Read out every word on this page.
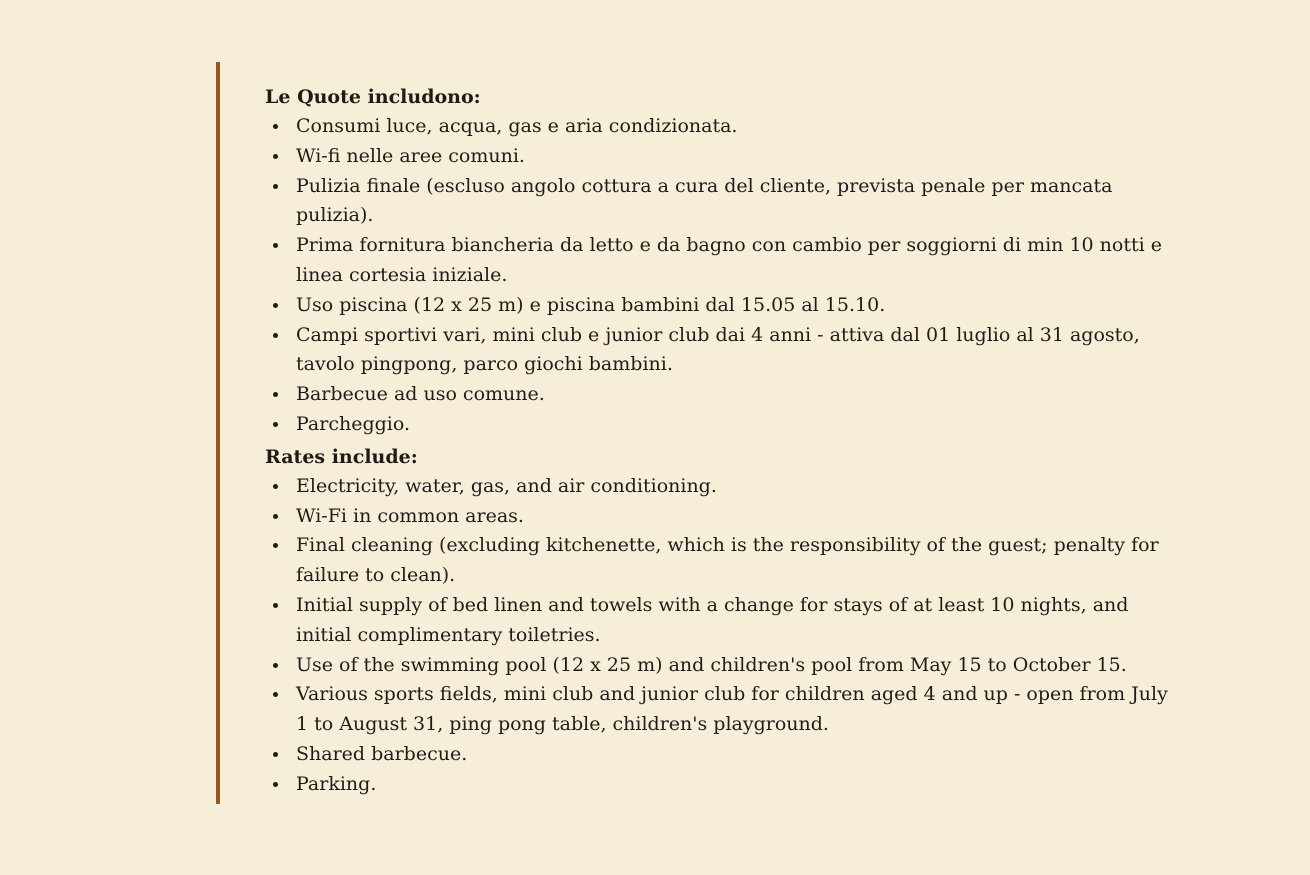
Le Quote includono:

Consumi luce, acqua, gas e aria condizionata.
Wi-fi nelle aree comuni.
Pulizia finale (escluso angolo cottura a cura del cliente, prevista penale per mancata pulizia).
Prima fornitura biancheria da letto e da bagno con cambio per soggiorni di min 10 notti e linea cortesia iniziale.
Uso piscina (12 x 25 m) e piscina bambini dal 15.05 al 15.10.
Campi sportivi vari, mini club e junior club dai 4 anni - attiva dal 01 luglio al 31 agosto, tavolo pingpong, parco giochi bambini.
Barbecue ad uso comune.
Parcheggio.

Rates include:

Electricity, water, gas, and air conditioning.
Wi-Fi in common areas.
Final cleaning (excluding kitchenette, which is the responsibility of the guest; penalty for failure to clean).
Initial supply of bed linen and towels with a change for stays of at least 10 nights, and initial complimentary toiletries.
Use of the swimming pool (12 x 25 m) and children's pool from May 15 to October 15.
Various sports fields, mini club and junior club for children aged 4 and up - open from July 1 to August 31, ping pong table, children's playground.
Shared barbecue.
Parking.
